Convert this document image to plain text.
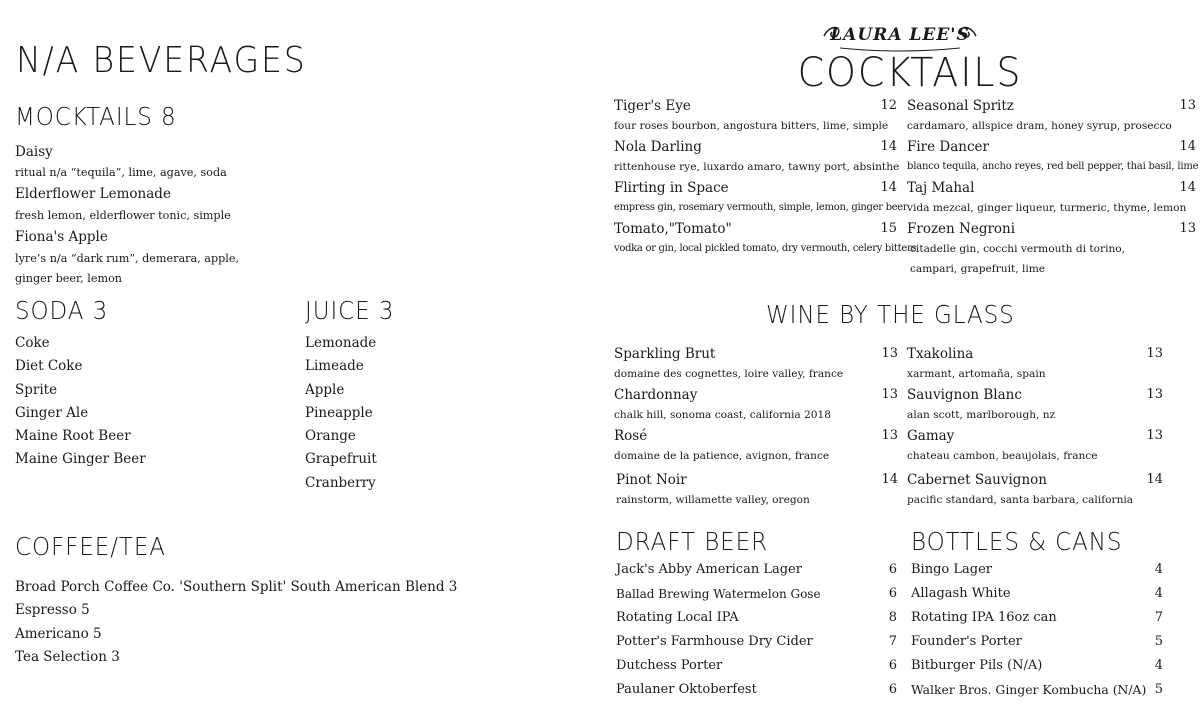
N/A BEVERAGES
MOCKTAILS 8
Daisy
ritual n/a “tequila”, lime, agave, soda
Elderflower Lemonade
fresh lemon, elderflower tonic, simple
Fiona's Apple
lyre’s n/a “dark rum”, demerara, apple,
ginger beer, lemon
SODA 3
Coke
Diet Coke
Sprite
Ginger Ale
Maine Root Beer
Maine Ginger Beer
JUICE 3
Lemonade
Limeade
Apple
Pineapple
Orange
Grapefruit
Cranberry
COFFEE/TEA
Broad Porch Coffee Co. 'Southern Split' South American Blend 3
Espresso 5
Americano 5
Tea Selection 3
LAURA LEE'S
COCKTAILS
Tiger's Eye	12
four roses bourbon, angostura bitters, lime, simple
Nola Darling	14
rittenhouse rye, luxardo amaro, tawny port, absinthe
Flirting in Space	14
empress gin, rosemary vermouth, simple, lemon, ginger beer
Tomato,"Tomato"	15
vodka or gin, local pickled tomato, dry vermouth, celery bitters
Seasonal Spritz	13
cardamaro, allspice dram, honey syrup, prosecco
Fire Dancer	14
blanco tequila, ancho reyes, red bell pepper, thai basil, lime
Taj Mahal	14
vida mezcal, ginger liqueur, turmeric, thyme, lemon
Frozen Negroni	13
citadelle gin, cocchi vermouth di torino,
campari, grapefruit, lime
WINE BY THE GLASS
Sparkling Brut	13
domaine des cognettes, loire valley, france
Chardonnay	13
chalk hill, sonoma coast, california 2018
Rosé	13
domaine de la patience, avignon, france
Pinot Noir	14
rainstorm, willamette valley, oregon
Txakolina	13
xarmant, artomaña, spain
Sauvignon Blanc	13
alan scott, marlborough, nz
Gamay	13
chateau cambon, beaujolais, france
Cabernet Sauvignon	14
pacific standard, santa barbara, california
DRAFT BEER
Jack's Abby American Lager	6
Ballad Brewing Watermelon Gose	6
Rotating Local IPA	8
Potter's Farmhouse Dry Cider	7
Dutchess Porter	6
Paulaner Oktoberfest	6
BOTTLES & CANS
Bingo Lager	4
Allagash White	4
Rotating IPA 16oz can	7
Founder's Porter	5
Bitburger Pils (N/A)	4
Walker Bros. Ginger Kombucha (N/A) 5
